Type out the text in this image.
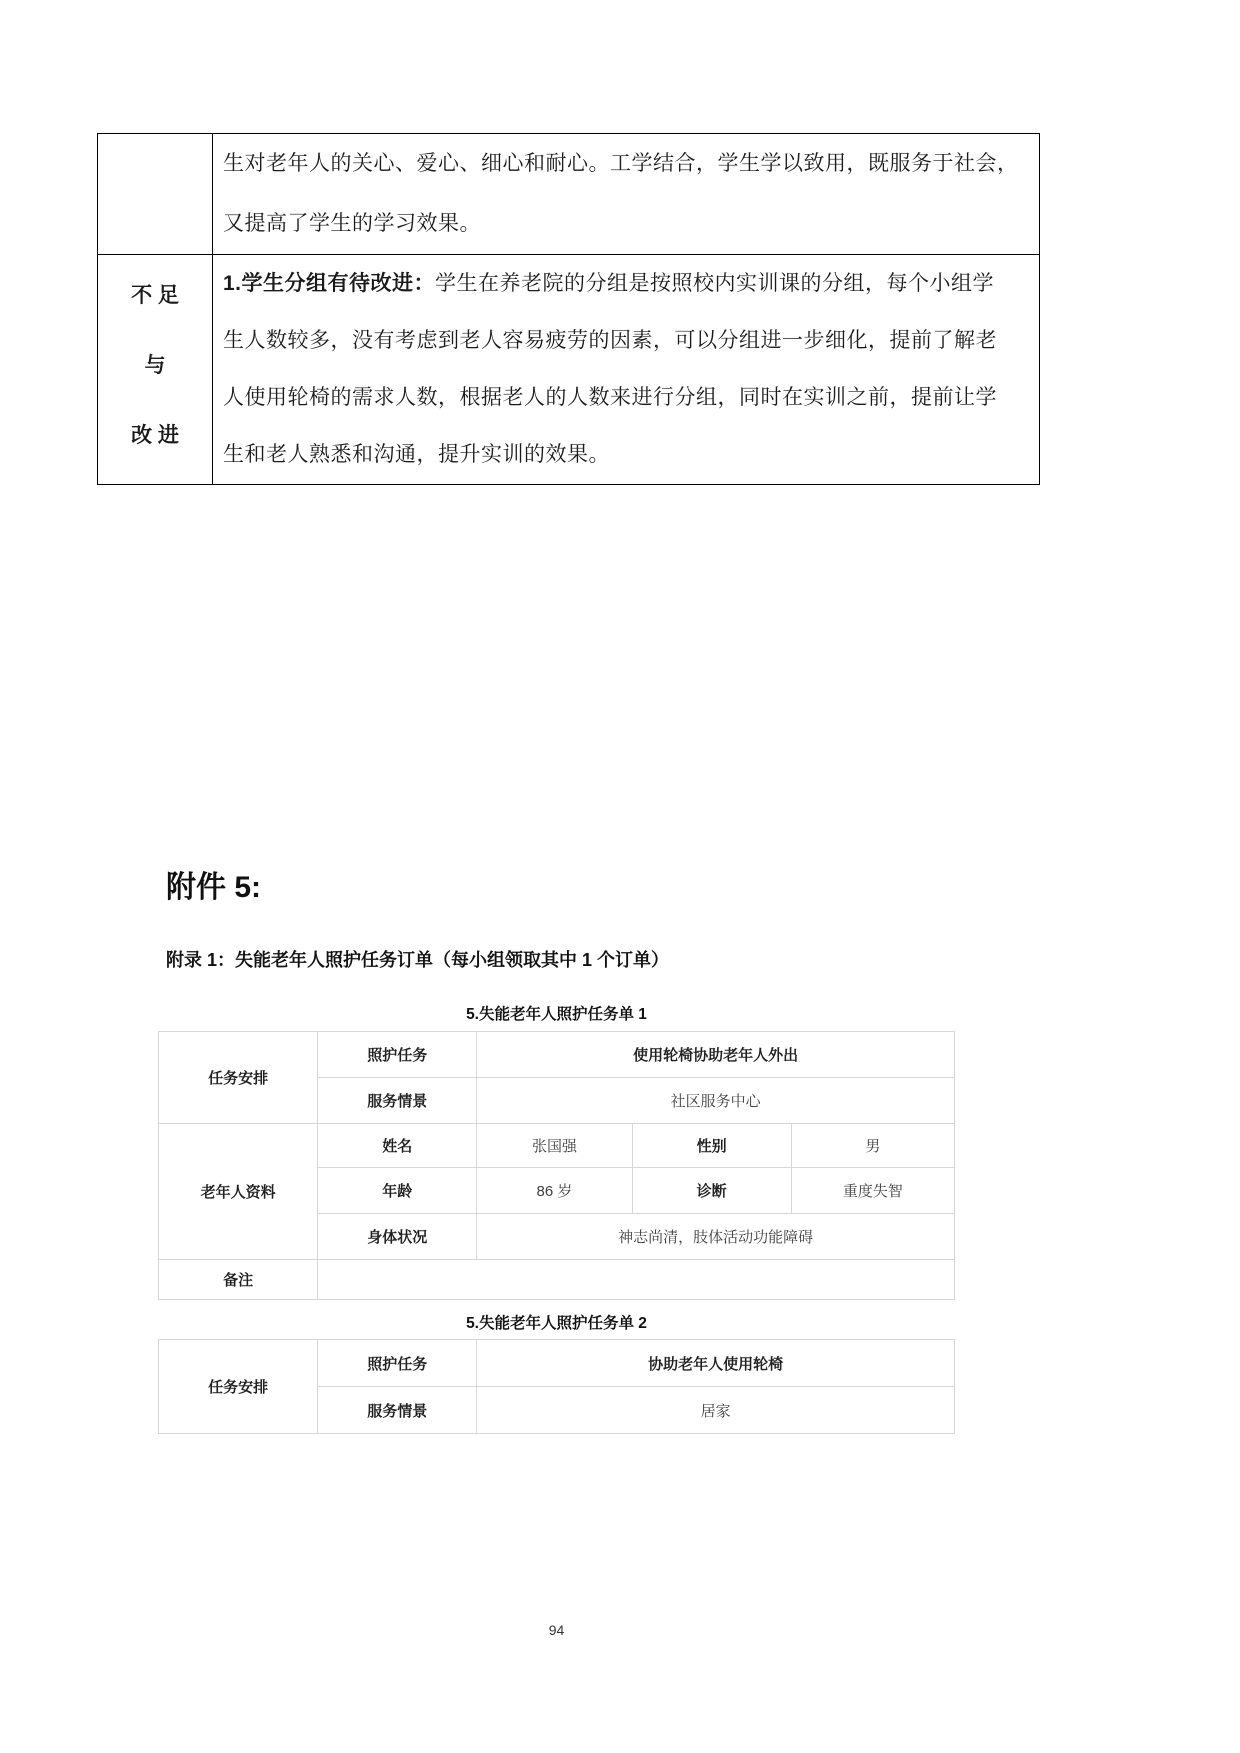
	生对老年人的关心、爱心、细心和耐心。工学结合，学生学以致用，既服务于社会，
又提高了学生的学习效果。

不 足
与
改 进

1.学生分组有待改进：学生在养老院的分组是按照校内实训课的分组，每个小组学
生人数较多，没有考虑到老人容易疲劳的因素，可以分组进一步细化，提前了解老
人使用轮椅的需求人数，根据老人的人数来进行分组，同时在实训之前，提前让学
生和老人熟悉和沟通，提升实训的效果。
附件 5:
附录 1：失能老年人照护任务订单（每小组领取其中 1 个订单）
5.失能老年人照护任务单 1
任务安排	照护任务	使用轮椅协助老年人外出		
	服务情景	社区服务中心		
老年人资料	姓名	张国强	性别	男
	年龄	86 岁	诊断	重度失智
	身体状况	神志尚清，肢体活动功能障碍		
备注				
5.失能老年人照护任务单 2
任务安排	照护任务	协助老年人使用轮椅
	服务情景	居家
94
